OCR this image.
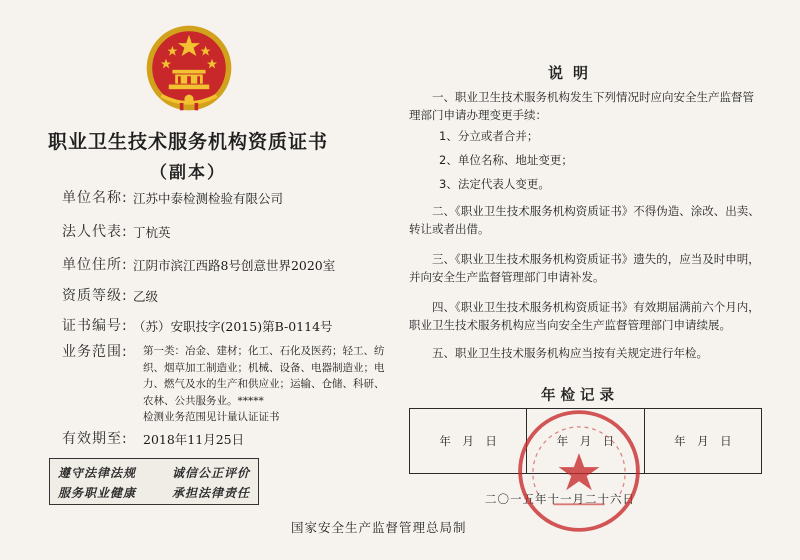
职业卫生技术服务机构资质证书
（副本）
单位名称: 江苏中泰检测检验有限公司
法人代表: 丁杭英
单位住所: 江阴市滨江西路8号创意世界2020室
资质等级: 乙级
证书编号: （苏）安职技字(2015)第B-0114号
业务范围: 第一类：冶金、建材；化工、石化及医药；轻工、纺
织、烟草加工制造业；机械、设备、电器制造业；电
力、燃气及水的生产和供应业；运输、仓储、科研、
农林、公共服务业。*****
检测业务范围见计量认证证书
有效期至: 2018年11月25日
遵守法律法规	诚信公正评价
服务职业健康	承担法律责任
国家安全生产监督管理总局制
说明

一、职业卫生技术服务机构发生下列情况时应向安全生产监督管理部门申请办理变更手续：

1、分立或者合并；

2、单位名称、地址变更；

3、法定代表人变更。

二、《职业卫生技术服务机构资质证书》不得伪造、涂改、出卖、转让或者出借。

三、《职业卫生技术服务机构资质证书》遗失的，应当及时申明，并向安全生产监督管理部门申请补发。

四、《职业卫生技术服务机构资质证书》有效期届满前六个月内，职业卫生技术服务机构应当向安全生产监督管理部门申请续展。

五、职业卫生技术服务机构应当按有关规定进行年检。

年检记录
年　月　日	年　月　日	年　月　日
二〇一五年十一月二十六日
